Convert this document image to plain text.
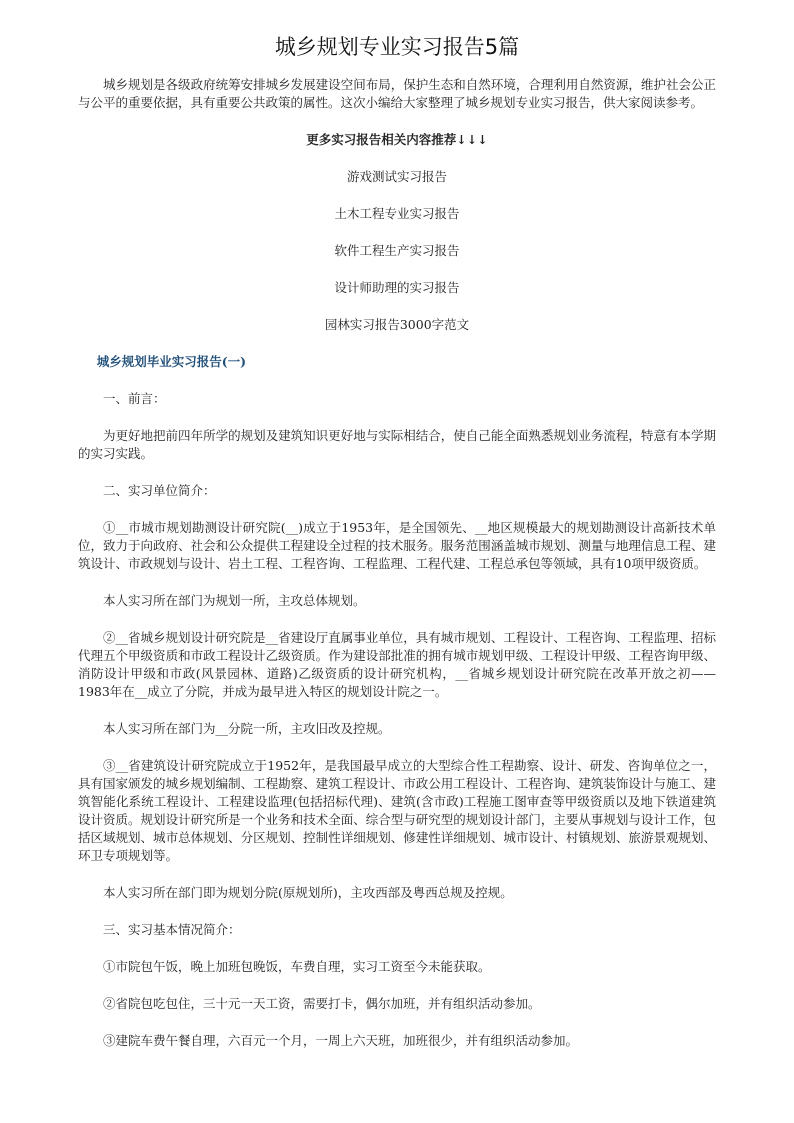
城乡规划专业实习报告5篇

城乡规划是各级政府统筹安排城乡发展建设空间布局，保护生态和自然环境，合理利用自然资源，维护社会公正与公平的重要依据，具有重要公共政策的属性。这次小编给大家整理了城乡规划专业实习报告，供大家阅读参考。

更多实习报告相关内容推荐↓↓↓

游戏测试实习报告

土木工程专业实习报告

软件工程生产实习报告

设计师助理的实习报告

园林实习报告3000字范文

城乡规划毕业实习报告(一)

一、前言：

为更好地把前四年所学的规划及建筑知识更好地与实际相结合，使自己能全面熟悉规划业务流程，特意有本学期的实习实践。

二、实习单位简介：

①__市城市规划勘测设计研究院(__)成立于1953年，是全国领先、__地区规模最大的规划勘测设计高新技术单位，致力于向政府、社会和公众提供工程建设全过程的技术服务。服务范围涵盖城市规划、测量与地理信息工程、建筑设计、市政规划与设计、岩土工程、工程咨询、工程监理、工程代建、工程总承包等领域，具有10项甲级资质。

本人实习所在部门为规划一所，主攻总体规划。

②__省城乡规划设计研究院是__省建设厅直属事业单位，具有城市规划、工程设计、工程咨询、工程监理、招标代理五个甲级资质和市政工程设计乙级资质。作为建设部批准的拥有城市规划甲级、工程设计甲级、工程咨询甲级、消防设计甲级和市政(风景园林、道路)乙级资质的设计研究机构，__省城乡规划设计研究院在改革开放之初——1983年在__成立了分院，并成为最早进入特区的规划设计院之一。

本人实习所在部门为__分院一所，主攻旧改及控规。

③__省建筑设计研究院成立于1952年，是我国最早成立的大型综合性工程勘察、设计、研发、咨询单位之一，具有国家颁发的城乡规划编制、工程勘察、建筑工程设计、市政公用工程设计、工程咨询、建筑装饰设计与施工、建筑智能化系统工程设计、工程建设监理(包括招标代理)、建筑(含市政)工程施工图审查等甲级资质以及地下铁道建筑设计资质。规划设计研究所是一个业务和技术全面、综合型与研究型的规划设计部门，主要从事规划与设计工作，包括区域规划、城市总体规划、分区规划、控制性详细规划、修建性详细规划、城市设计、村镇规划、旅游景观规划、环卫专项规划等。

本人实习所在部门即为规划分院(原规划所)，主攻西部及粤西总规及控规。

三、实习基本情况简介：

①市院包午饭，晚上加班包晚饭，车费自理，实习工资至今未能获取。

②省院包吃包住，三十元一天工资，需要打卡，偶尔加班，并有组织活动参加。

③建院车费午餐自理，六百元一个月，一周上六天班，加班很少，并有组织活动参加。
